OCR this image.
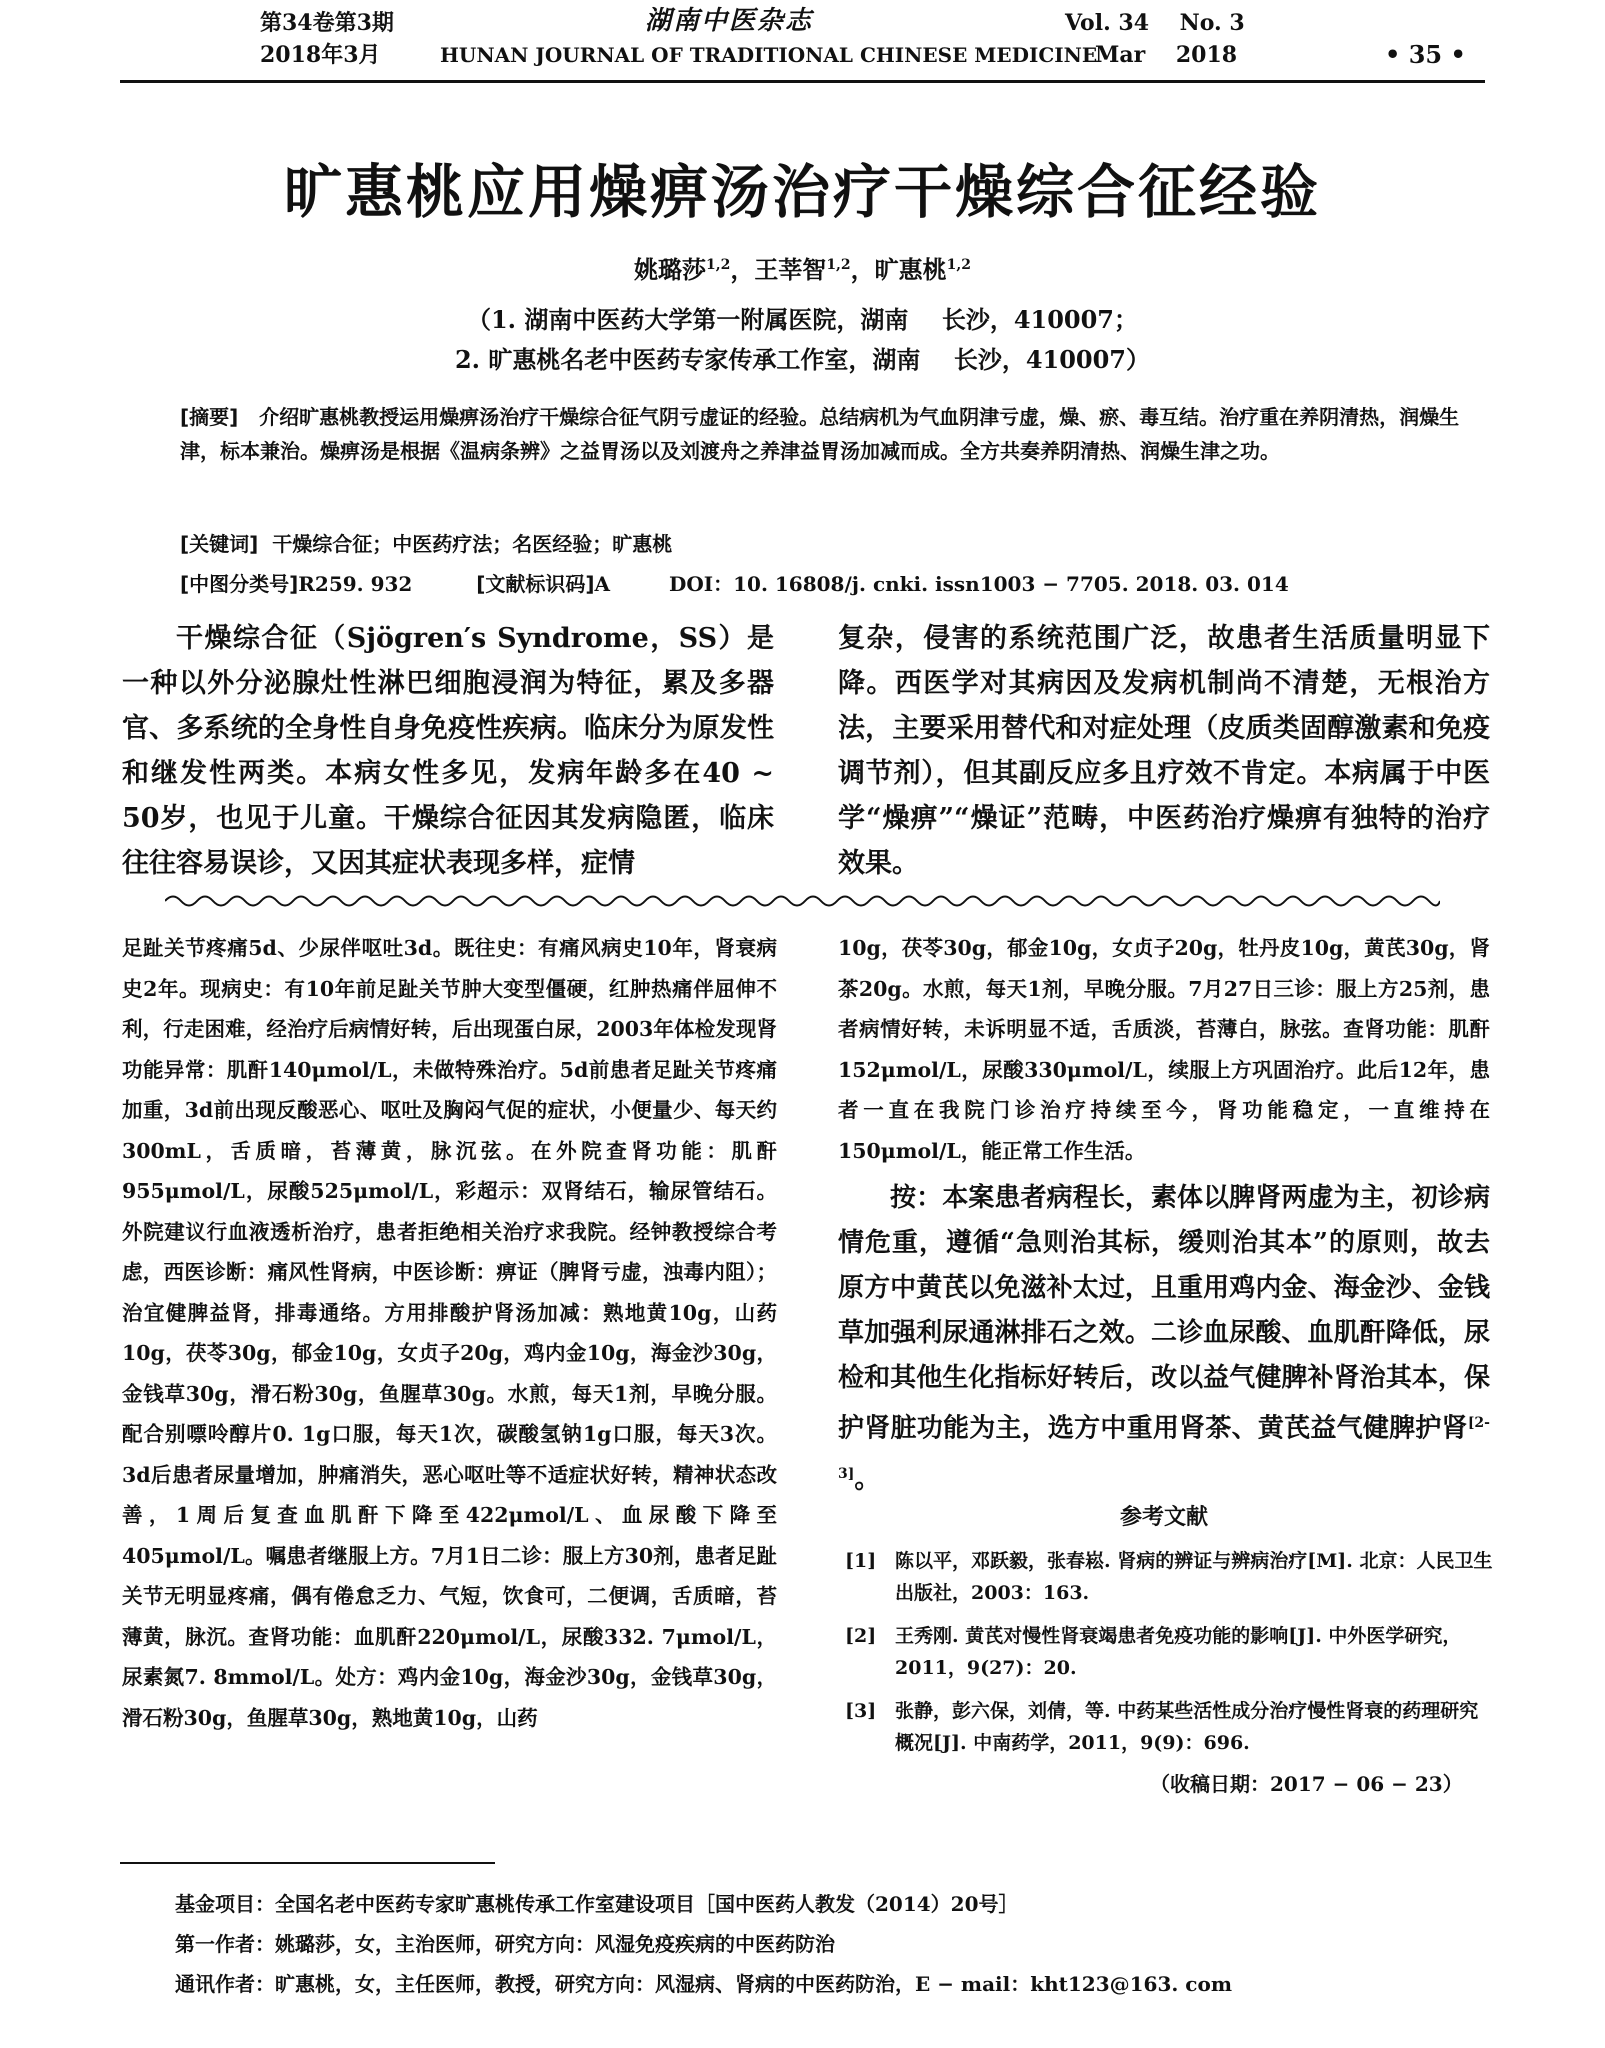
第34卷第3期
2018年3月
湖南中医杂志
HUNAN JOURNAL OF TRADITIONAL CHINESE MEDICINE
Vol. 34    No. 3
Mar    2018	• 35 •
旷惠桃应用燥痹汤治疗干燥综合征经验
姚璐莎$^{1,2}$，王莘智$^{1,2}$，旷惠桃$^{1,2}$
（1. 湖南中医药大学第一附属医院，湖南    长沙，410007；
2. 旷惠桃名老中医药专家传承工作室，湖南    长沙，410007）

[摘要] 介绍旷惠桃教授运用燥痹汤治疗干燥综合征气阴亏虚证的经验。总结病机为气血阴津亏虚，燥、瘀、毒互结。治疗重在养阴清热，润燥生津，标本兼治。燥痹汤是根据《温病条辨》之益胃汤以及刘渡舟之养津益胃汤加减而成。全方共奏养阴清热、润燥生津之功。

[关键词] 干燥综合征；中医药疗法；名医经验；旷惠桃
[中图分类号]R259. 932	[文献标识码]A	DOI：10. 16808/j. cnki. issn1003 − 7705. 2018. 03. 014

干燥综合征（Sjögren′s Syndrome，SS）是一种以外分泌腺灶性淋巴细胞浸润为特征，累及多器官、多系统的全身性自身免疫性疾病。临床分为原发性和继发性两类。本病女性多见，发病年龄多在40 ~ 50岁，也见于儿童。干燥综合征因其发病隐匿，临床往往容易误诊，又因其症状表现多样，症情

复杂，侵害的系统范围广泛，故患者生活质量明显下降。西医学对其病因及发病机制尚不清楚，无根治方法，主要采用替代和对症处理（皮质类固醇激素和免疫调节剂），但其副反应多且疗效不肯定。本病属于中医学“燥痹”“燥证”范畴，中医药治疗燥痹有独特的治疗效果。

足趾关节疼痛5d、少尿伴呕吐3d。既往史：有痛风病史10年，肾衰病史2年。现病史：有10年前足趾关节肿大变型僵硬，红肿热痛伴屈伸不利，行走困难，经治疗后病情好转，后出现蛋白尿，2003年体检发现肾功能异常：肌酐140μmol/L，未做特殊治疗。5d前患者足趾关节疼痛加重，3d前出现反酸恶心、呕吐及胸闷气促的症状，小便量少、每天约300mL，舌质暗，苔薄黄，脉沉弦。在外院查肾功能：肌酐955μmol/L，尿酸525μmol/L，彩超示：双肾结石，输尿管结石。外院建议行血液透析治疗，患者拒绝相关治疗求我院。经钟教授综合考虑，西医诊断：痛风性肾病，中医诊断：痹证（脾肾亏虚，浊毒内阻）；治宜健脾益肾，排毒通络。方用排酸护肾汤加减：熟地黄10g，山药10g，茯苓30g，郁金10g，女贞子20g，鸡内金10g，海金沙30g，金钱草30g，滑石粉30g，鱼腥草30g。水煎，每天1剂，早晚分服。配合别嘌呤醇片0. 1g口服，每天1次，碳酸氢钠1g口服，每天3次。3d后患者尿量增加，肿痛消失，恶心呕吐等不适症状好转，精神状态改善，1周后复查血肌酐下降至422μmol/L、血尿酸下降至405μmol/L。嘱患者继服上方。7月1日二诊：服上方30剂，患者足趾关节无明显疼痛，偶有倦怠乏力、气短，饮食可，二便调，舌质暗，苔薄黄，脉沉。查肾功能：血肌酐220μmol/L，尿酸332. 7μmol/L，尿素氮7. 8mmol/L。处方：鸡内金10g，海金沙30g，金钱草30g，滑石粉30g，鱼腥草30g，熟地黄10g，山药

10g，茯苓30g，郁金10g，女贞子20g，牡丹皮10g，黄芪30g，肾茶20g。水煎，每天1剂，早晚分服。7月27日三诊：服上方25剂，患者病情好转，未诉明显不适，舌质淡，苔薄白，脉弦。查肾功能：肌酐152μmol/L，尿酸330μmol/L，续服上方巩固治疗。此后12年，患者一直在我院门诊治疗持续至今，肾功能稳定，一直维持在150μmol/L，能正常工作生活。

按：本案患者病程长，素体以脾肾两虚为主，初诊病情危重，遵循“急则治其标，缓则治其本”的原则，故去原方中黄芪以免滋补太过，且重用鸡内金、海金沙、金钱草加强利尿通淋排石之效。二诊血尿酸、血肌酐降低，尿检和其他生化指标好转后，改以益气健脾补肾治其本，保护肾脏功能为主，选方中重用肾茶、黄芪益气健脾护肾[2-3]。

参考文献
[1] 陈以平，邓跃毅，张春崧. 肾病的辨证与辨病治疗[M]. 北京：人民卫生出版社，2003：163.
[2] 王秀刚. 黄芪对慢性肾衰竭患者免疫功能的影响[J]. 中外医学研究，2011，9(27)：20.
[3] 张静，彭六保，刘倩，等. 中药某些活性成分治疗慢性肾衰的药理研究概况[J]. 中南药学，2011，9(9)：696.
（收稿日期：2017 − 06 − 23）
基金项目：全国名老中医药专家旷惠桃传承工作室建设项目［国中医药人教发（2014）20号］
第一作者：姚璐莎，女，主治医师，研究方向：风湿免疫疾病的中医药防治
通讯作者：旷惠桃，女，主任医师，教授，研究方向：风湿病、肾病的中医药防治，E − mail：kht123@163. com
